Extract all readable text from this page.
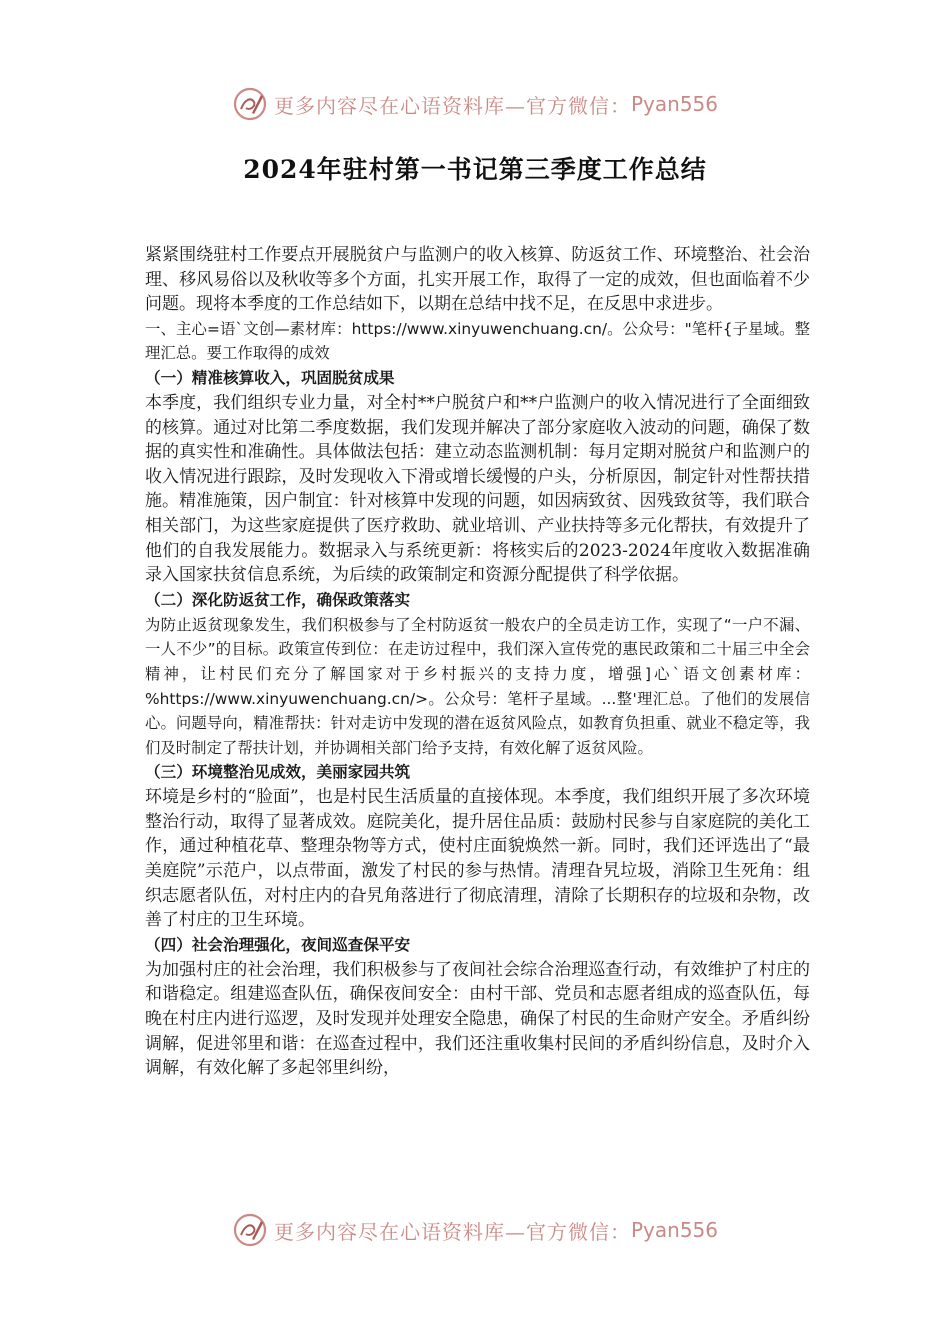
更多内容尽在心语资料库—官方微信： Pyan556
2024年驻村第一书记第三季度工作总结

紧紧围绕驻村工作要点开展脱贫户与监测户的收入核算、防返贫工作、环境整治、社会治理、移风易俗以及秋收等多个方面，扎实开展工作，取得了一定的成效，但也面临着不少问题。现将本季度的工作总结如下，以期在总结中找不足，在反思中求进步。

一、主心=语`文创—素材库：https://www.xinyuwenchuang.cn/。公众号："笔杆{子星域。整理汇总。要工作取得的成效

（一）精准核算收入，巩固脱贫成果

本季度，我们组织专业力量，对全村**户脱贫户和**户监测户的收入情况进行了全面细致的核算。通过对比第二季度数据，我们发现并解决了部分家庭收入波动的问题，确保了数据的真实性和准确性。具体做法包括：建立动态监测机制：每月定期对脱贫户和监测户的收入情况进行跟踪，及时发现收入下滑或增长缓慢的户头，分析原因，制定针对性帮扶措施。精准施策，因户制宜：针对核算中发现的问题，如因病致贫、因残致贫等，我们联合相关部门，为这些家庭提供了医疗救助、就业培训、产业扶持等多元化帮扶，有效提升了他们的自我发展能力。数据录入与系统更新：将核实后的2023-2024年度收入数据准确录入国家扶贫信息系统，为后续的政策制定和资源分配提供了科学依据。

（二）深化防返贫工作，确保政策落实

为防止返贫现象发生，我们积极参与了全村防返贫一般农户的全员走访工作，实现了“一户不漏、一人不少”的目标。政策宣传到位：在走访过程中，我们深入宣传党的惠民政策和二十届三中全会精神，让村民们充分了解国家对于乡村振兴的支持力度，增强]心`语文创素材库：%https://www.xinyuwenchuang.cn/>。公众号：笔杆子星域。...整'理汇总。了他们的发展信心。问题导向，精准帮扶：针对走访中发现的潜在返贫风险点，如教育负担重、就业不稳定等，我们及时制定了帮扶计划，并协调相关部门给予支持，有效化解了返贫风险。

（三）环境整治见成效，美丽家园共筑

环境是乡村的“脸面”，也是村民生活质量的直接体现。本季度，我们组织开展了多次环境整治行动，取得了显著成效。庭院美化，提升居住品质：鼓励村民参与自家庭院的美化工作，通过种植花草、整理杂物等方式，使村庄面貌焕然一新。同时，我们还评选出了“最美庭院”示范户，以点带面，激发了村民的参与热情。清理旮旯垃圾，消除卫生死角：组织志愿者队伍，对村庄内的旮旯角落进行了彻底清理，清除了长期积存的垃圾和杂物，改善了村庄的卫生环境。

（四）社会治理强化，夜间巡查保平安

为加强村庄的社会治理，我们积极参与了夜间社会综合治理巡查行动，有效维护了村庄的和谐稳定。组建巡查队伍，确保夜间安全：由村干部、党员和志愿者组成的巡查队伍，每晚在村庄内进行巡逻，及时发现并处理安全隐患，确保了村民的生命财产安全。矛盾纠纷调解，促进邻里和谐：在巡查过程中，我们还注重收集村民间的矛盾纠纷信息，及时介入调解，有效化解了多起邻里纠纷，

更多内容尽在心语资料库—官方微信： Pyan556
